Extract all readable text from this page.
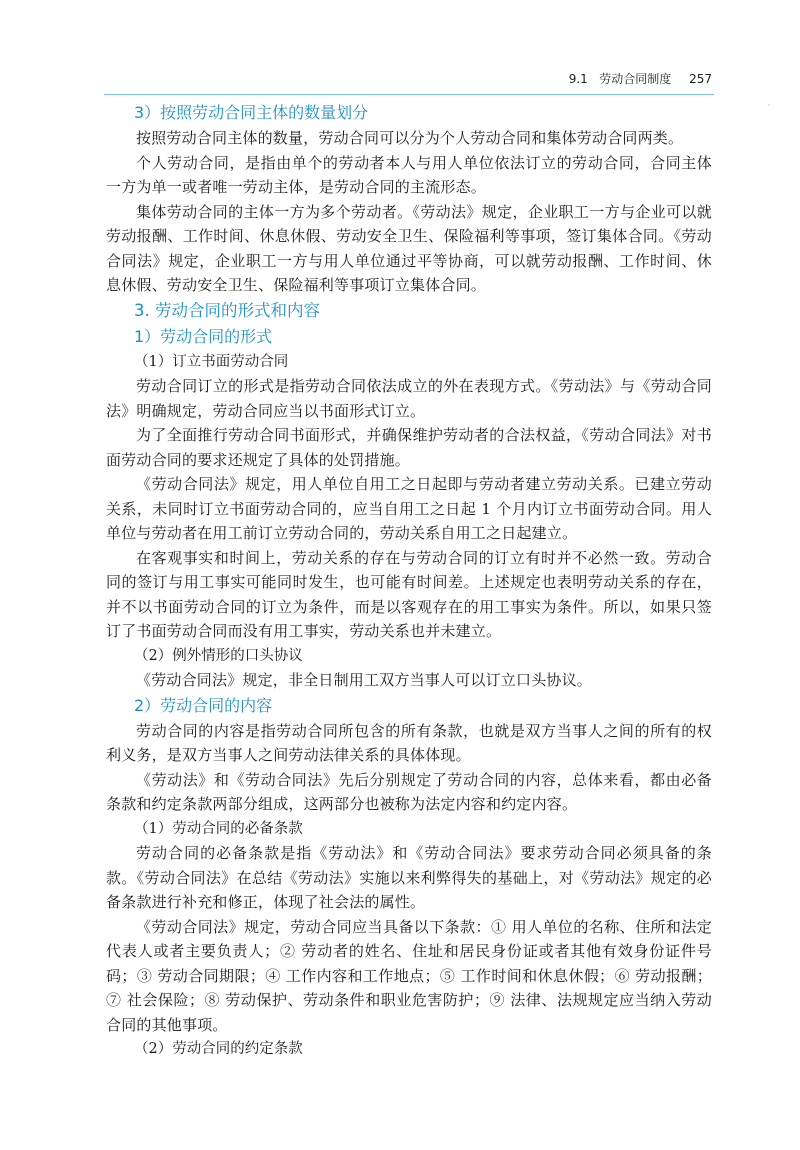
9.1 劳动合同制度 257
3）按照劳动合同主体的数量划分

按照劳动合同主体的数量，劳动合同可以分为个人劳动合同和集体劳动合同两类。

个人劳动合同，是指由单个的劳动者本人与用人单位依法订立的劳动合同，合同主体一方为单一或者唯一劳动主体，是劳动合同的主流形态。

集体劳动合同的主体一方为多个劳动者。《劳动法》规定，企业职工一方与企业可以就劳动报酬、工作时间、休息休假、劳动安全卫生、保险福利等事项，签订集体合同。《劳动合同法》规定，企业职工一方与用人单位通过平等协商，可以就劳动报酬、工作时间、休息休假、劳动安全卫生、保险福利等事项订立集体合同。

3. 劳动合同的形式和内容
1）劳动合同的形式
（1）订立书面劳动合同

劳动合同订立的形式是指劳动合同依法成立的外在表现方式。《劳动法》与《劳动合同法》明确规定，劳动合同应当以书面形式订立。

为了全面推行劳动合同书面形式，并确保维护劳动者的合法权益，《劳动合同法》对书面劳动合同的要求还规定了具体的处罚措施。

《劳动合同法》规定，用人单位自用工之日起即与劳动者建立劳动关系。已建立劳动关系，未同时订立书面劳动合同的，应当自用工之日起 1 个月内订立书面劳动合同。用人单位与劳动者在用工前订立劳动合同的，劳动关系自用工之日起建立。

在客观事实和时间上，劳动关系的存在与劳动合同的订立有时并不必然一致。劳动合同的签订与用工事实可能同时发生，也可能有时间差。上述规定也表明劳动关系的存在，并不以书面劳动合同的订立为条件，而是以客观存在的用工事实为条件。所以，如果只签订了书面劳动合同而没有用工事实，劳动关系也并未建立。

（2）例外情形的口头协议

《劳动合同法》规定，非全日制用工双方当事人可以订立口头协议。

2）劳动合同的内容

劳动合同的内容是指劳动合同所包含的所有条款，也就是双方当事人之间的所有的权利义务，是双方当事人之间劳动法律关系的具体体现。

《劳动法》和《劳动合同法》先后分别规定了劳动合同的内容，总体来看，都由必备条款和约定条款两部分组成，这两部分也被称为法定内容和约定内容。

（1）劳动合同的必备条款

劳动合同的必备条款是指《劳动法》和《劳动合同法》要求劳动合同必须具备的条款。《劳动合同法》在总结《劳动法》实施以来利弊得失的基础上，对《劳动法》规定的必备条款进行补充和修正，体现了社会法的属性。

《劳动合同法》规定，劳动合同应当具备以下条款：① 用人单位的名称、住所和法定代表人或者主要负责人；② 劳动者的姓名、住址和居民身份证或者其他有效身份证件号码；③ 劳动合同期限；④ 工作内容和工作地点；⑤ 工作时间和休息休假；⑥ 劳动报酬；⑦ 社会保险；⑧ 劳动保护、劳动条件和职业危害防护；⑨ 法律、法规规定应当纳入劳动合同的其他事项。

（2）劳动合同的约定条款
